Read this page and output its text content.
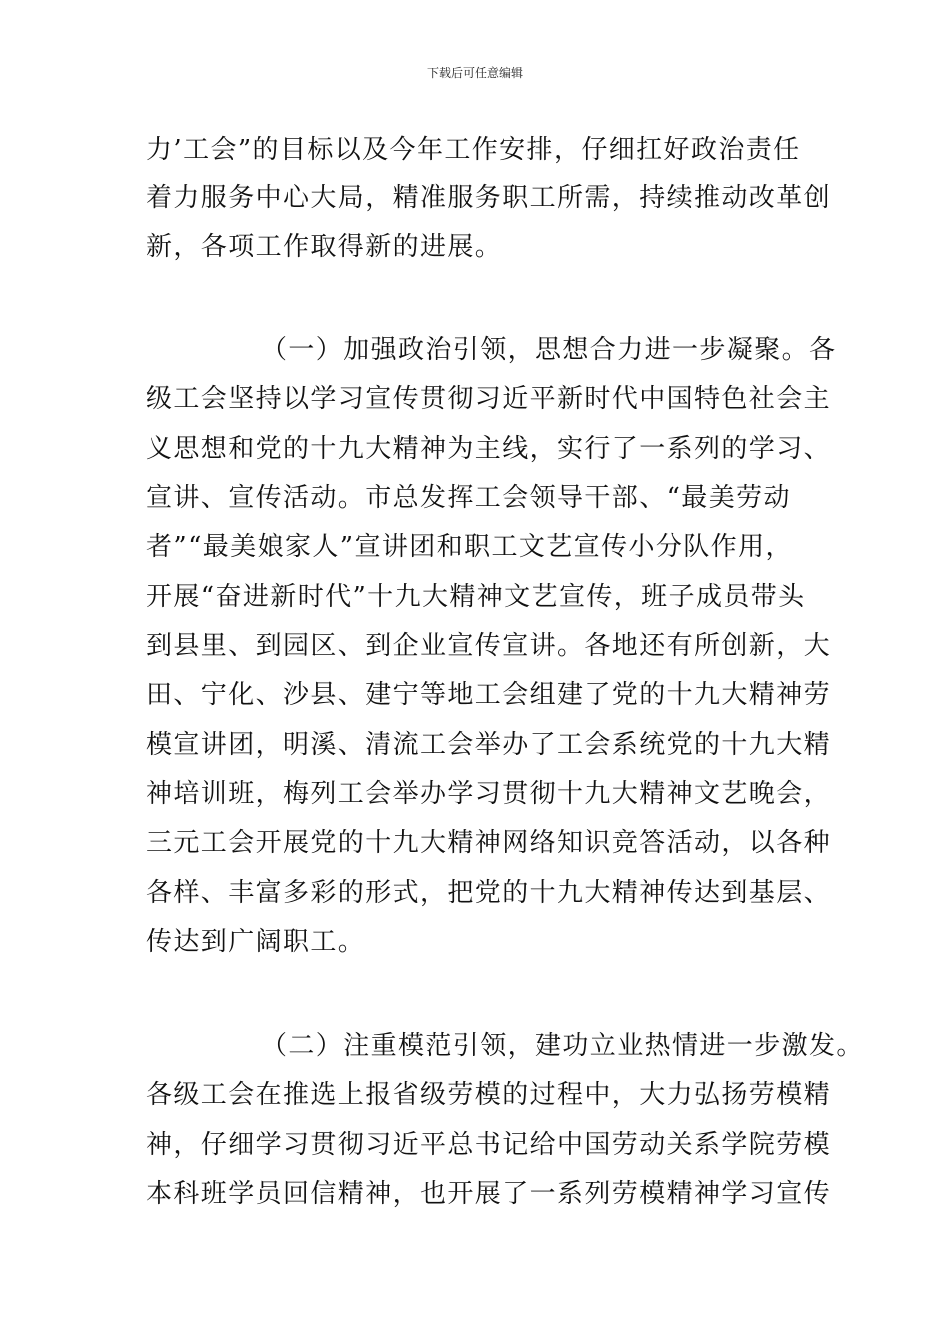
下载后可任意编辑
力’工会”的目标以及今年工作安排，仔细扛好政治责任
着力服务中心大局，精准服务职工所需，持续推动改革创
新，各项工作取得新的进展。
（一）加强政治引领，思想合力进一步凝聚。各
级工会坚持以学习宣传贯彻习近平新时代中国特色社会主
义思想和党的十九大精神为主线，实行了一系列的学习、
宣讲、宣传活动。市总发挥工会领导干部、“最美劳动
者”“最美娘家人”宣讲团和职工文艺宣传小分队作用，
开展“奋进新时代”十九大精神文艺宣传，班子成员带头
到县里、到园区、到企业宣传宣讲。各地还有所创新，大
田、宁化、沙县、建宁等地工会组建了党的十九大精神劳
模宣讲团，明溪、清流工会举办了工会系统党的十九大精
神培训班，梅列工会举办学习贯彻十九大精神文艺晚会，
三元工会开展党的十九大精神网络知识竞答活动，以各种
各样、丰富多彩的形式，把党的十九大精神传达到基层、
传达到广阔职工。
（二）注重模范引领，建功立业热情进一步激发。
各级工会在推选上报省级劳模的过程中，大力弘扬劳模精
神，仔细学习贯彻习近平总书记给中国劳动关系学院劳模
本科班学员回信精神，也开展了一系列劳模精神学习宣传
